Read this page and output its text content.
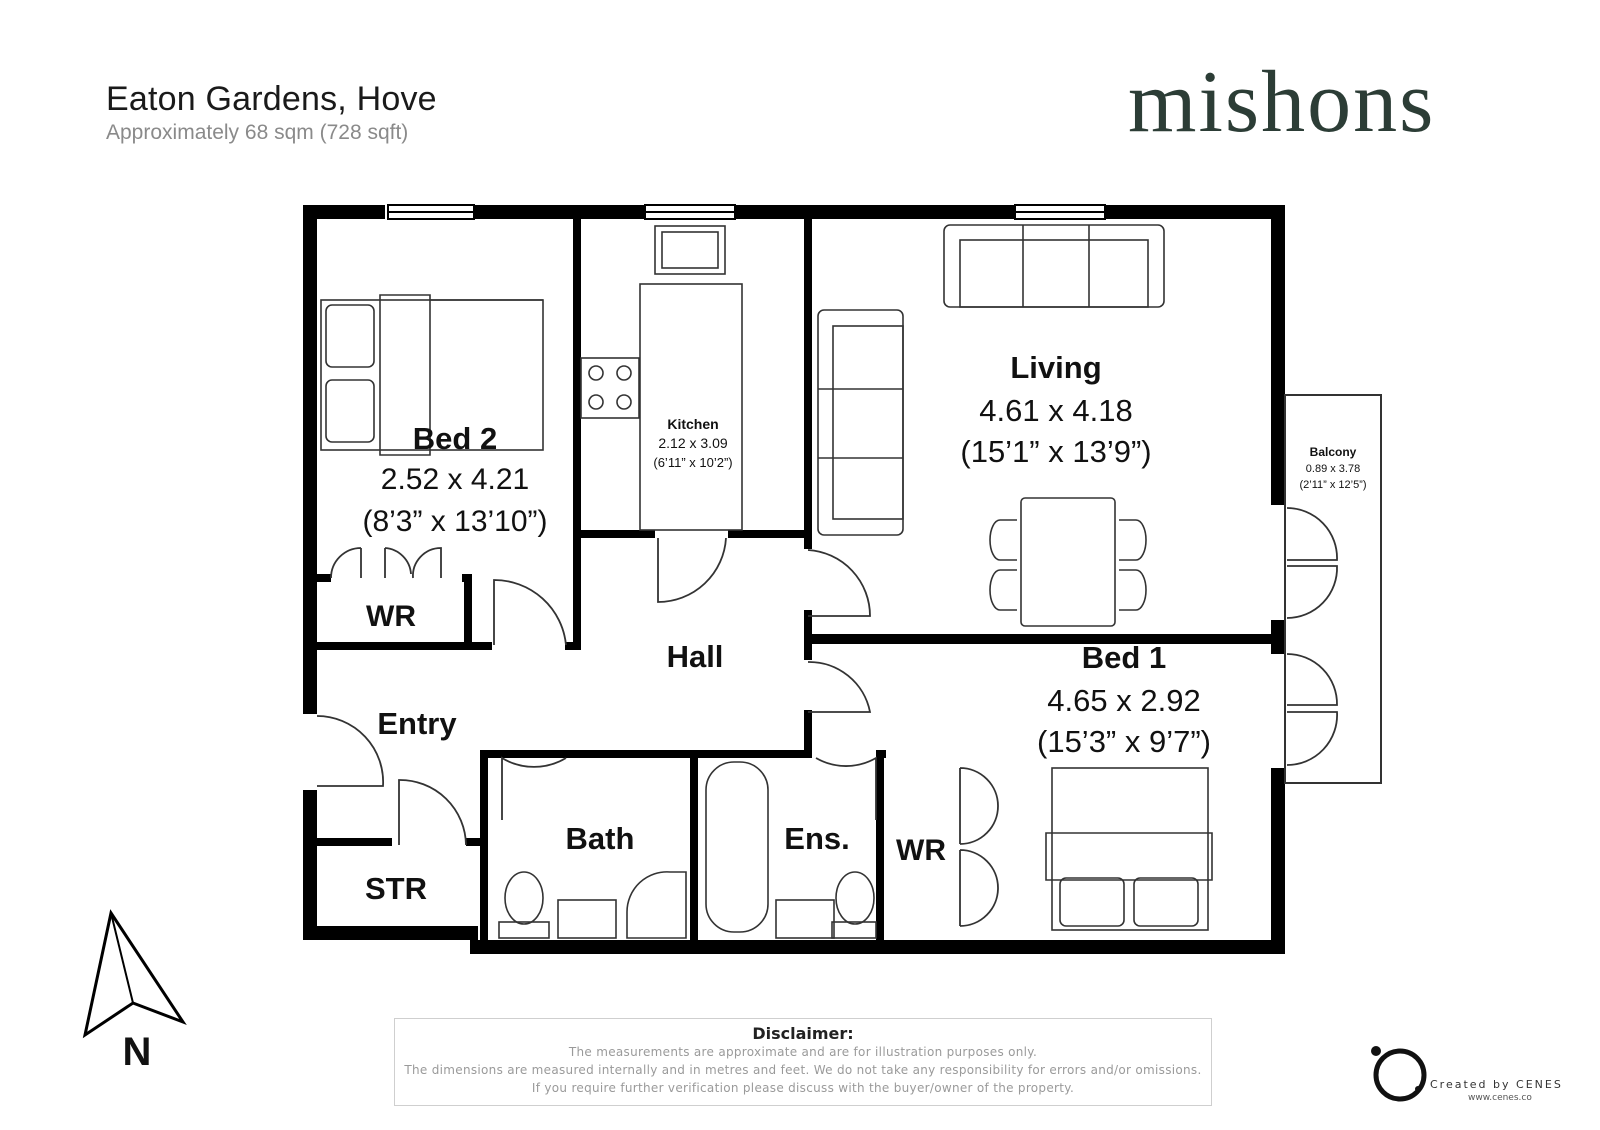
Eaton Gardens, Hove
Approximately 68 sqm (728 sqft)	mishons
Bed 2
2.52 x 4.21
(8’3” x 13’10”)
Kitchen
2.12 x 3.09
(6’11” x 10’2”)
Living
4.61 x 4.18
(15’1” x 13’9”)	Balcony
0.89 x 3.78
(2’11” x 12’5”)
Bed 1
4.65 x 2.92
(15’3” x 9’7”)
WR
WR
Hall
Entry
Bath	Ens.
STR
N	Disclaimer:
The measurements are approximate and are for illustration purposes only.
The dimensions are measured internally and in metres and feet. We do not take any responsibility for errors and/or omissions.
If you require further verification please discuss with the buyer/owner of the property.	Created by CENES
www.cenes.co
